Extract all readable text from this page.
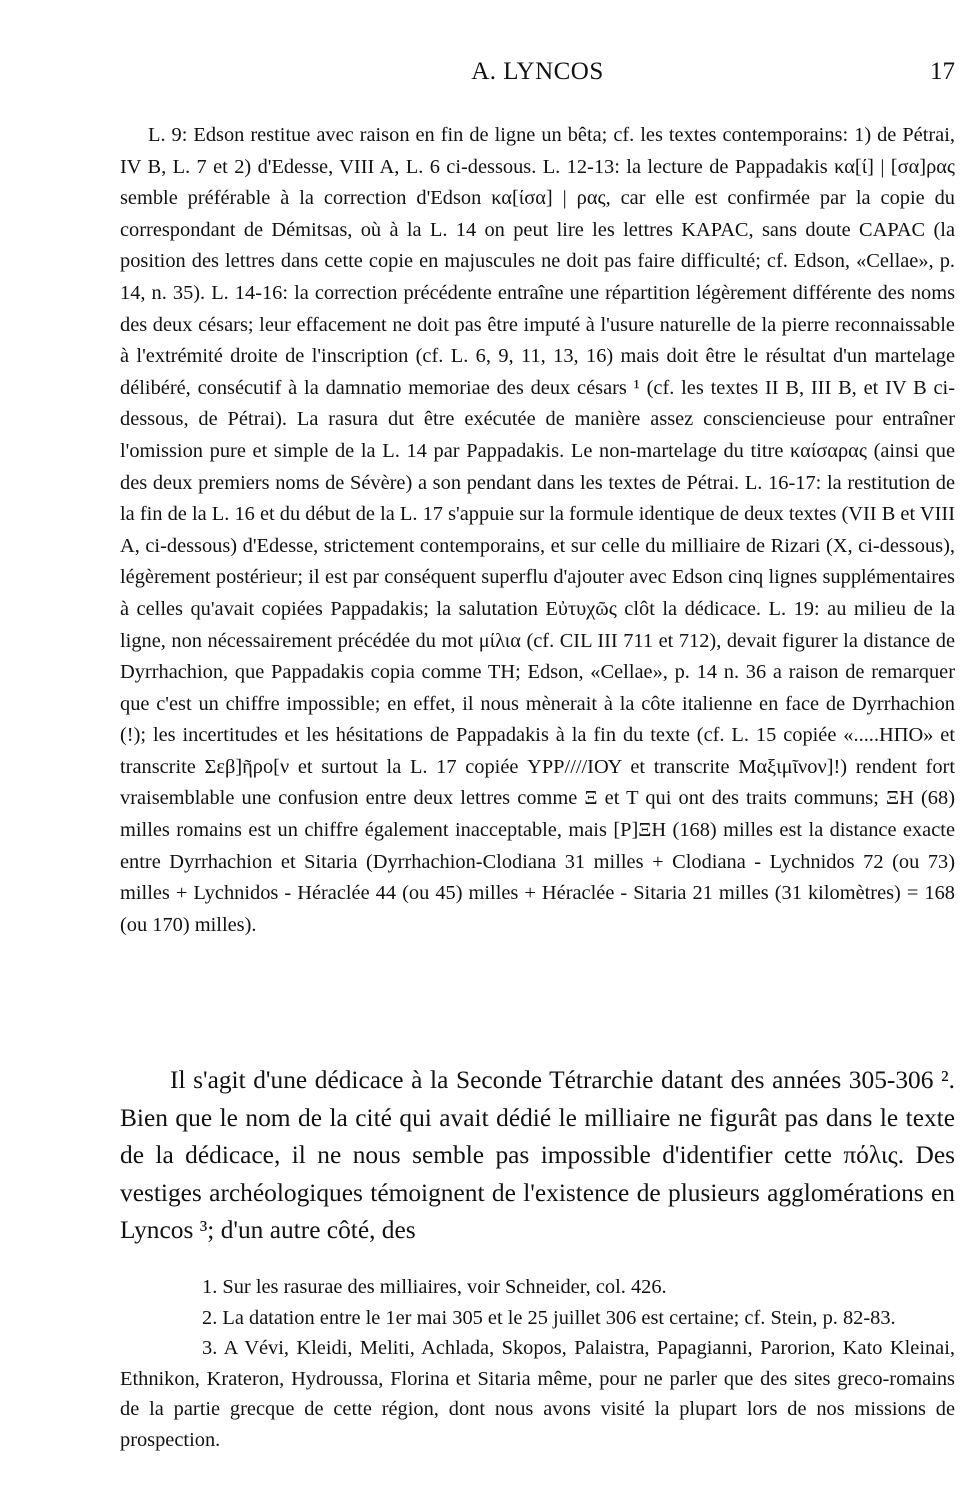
A. LYNCOS	17

L. 9: Edson restitue avec raison en fin de ligne un bêta; cf. les textes contemporains: 1) de Pétrai, IV B, L. 7 et 2) d'Edesse, VIII A, L. 6 ci-dessous. L. 12-13: la lecture de Pappadakis κα[ί] | [σα]ρας semble préférable à la correction d'Edson κα[ίσα] | ρας, car elle est confirmée par la copie du correspondant de Démitsas, où à la L. 14 on peut lire les lettres ΚΑΡΑC, sans doute CAPAC (la position des lettres dans cette copie en majuscules ne doit pas faire difficulté; cf. Edson, «Cellae», p. 14, n. 35). L. 14-16: la correction précédente entraîne une répartition légèrement différente des noms des deux césars; leur effacement ne doit pas être imputé à l'usure naturelle de la pierre reconnaissable à l'extrémité droite de l'inscription (cf. L. 6, 9, 11, 13, 16) mais doit être le résultat d'un martelage délibéré, consécutif à la damnatio memoriae des deux césars ¹ (cf. les textes II B, III B, et IV B ci-dessous, de Pétrai). La rasura dut être exécutée de manière assez consciencieuse pour entraîner l'omission pure et simple de la L. 14 par Pappadakis. Le non-martelage du titre καίσαρας (ainsi que des deux premiers noms de Sévère) a son pendant dans les textes de Pétrai. L. 16-17: la restitution de la fin de la L. 16 et du début de la L. 17 s'appuie sur la formule identique de deux textes (VII B et VIII A, ci-dessous) d'Edesse, strictement contemporains, et sur celle du milliaire de Rizari (X, ci-dessous), légèrement postérieur; il est par conséquent superflu d'ajouter avec Edson cinq lignes supplémentaires à celles qu'avait copiées Pappadakis; la salutation Εὐτυχῶς clôt la dédicace. L. 19: au milieu de la ligne, non nécessairement précédée du mot μίλια (cf. CIL III 711 et 712), devait figurer la distance de Dyrrhachion, que Pappadakis copia comme TH; Edson, «Cellae», p. 14 n. 36 a raison de remarquer que c'est un chiffre impossible; en effet, il nous mènerait à la côte italienne en face de Dyrrhachion (!); les incertitudes et les hésitations de Pappadakis à la fin du texte (cf. L. 15 copiée «.....ΗΠΟ» et transcrite Σεβ]ῆρο[ν et surtout la L. 17 copiée ΥΡΡ////ΙΟΥ et transcrite Μαξιμῖνον]!) rendent fort vraisemblable une confusion entre deux lettres comme Ξ et T qui ont des traits communs; ΞΗ (68) milles romains est un chiffre également inacceptable, mais [Ρ]ΞΗ (168) milles est la distance exacte entre Dyrrhachion et Sitaria (Dyrrhachion-Clodiana 31 milles + Clodiana - Lychnidos 72 (ou 73) milles + Lychnidos - Héraclée 44 (ou 45) milles + Héraclée - Sitaria 21 milles (31 kilomètres) = 168 (ou 170) milles).

Il s'agit d'une dédicace à la Seconde Tétrarchie datant des années 305-306 ². Bien que le nom de la cité qui avait dédié le milliaire ne figurât pas dans le texte de la dédicace, il ne nous semble pas impossible d'identifier cette πόλις. Des vestiges archéologiques témoignent de l'existence de plusieurs agglomérations en Lyncos ³; d'un autre côté, des

1. Sur les rasurae des milliaires, voir Schneider, col. 426.

2. La datation entre le 1er mai 305 et le 25 juillet 306 est certaine; cf. Stein, p. 82-83.

3. A Vévi, Kleidi, Meliti, Achlada, Skopos, Palaistra, Papagianni, Parorion, Kato Kleinai, Ethnikon, Krateron, Hydroussa, Florina et Sitaria même, pour ne parler que des sites greco-romains de la partie grecque de cette région, dont nous avons visité la plupart lors de nos missions de prospection.
